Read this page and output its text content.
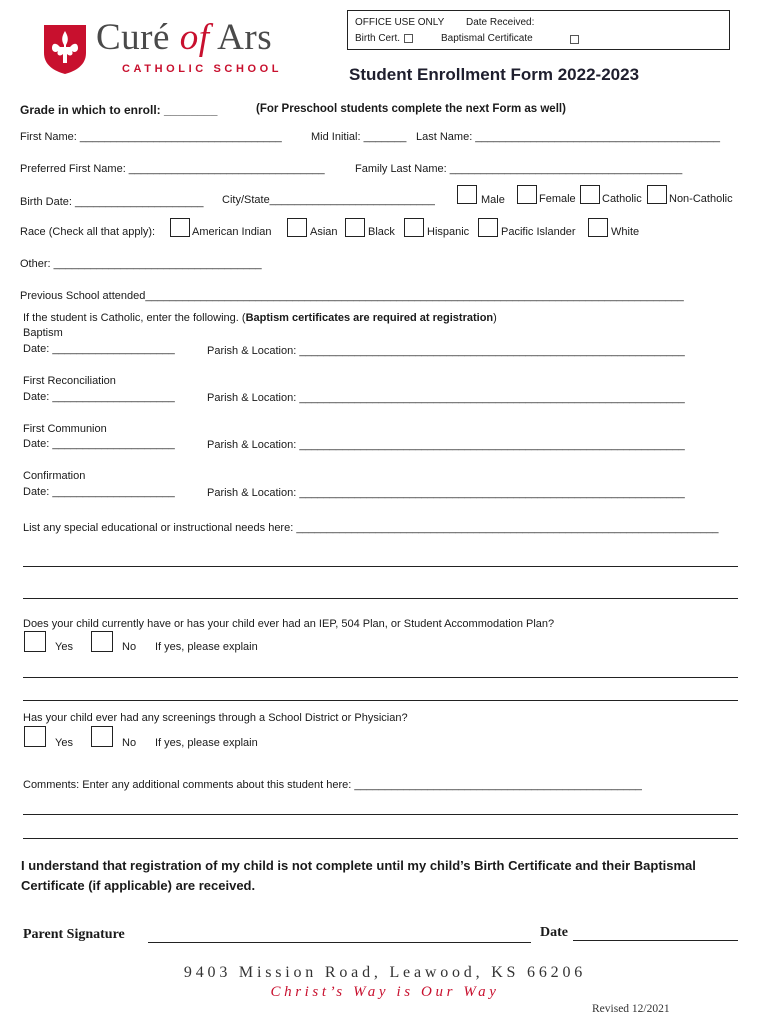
Curé of Ars
CATHOLIC SCHOOL
OFFICE USE ONLY Date Received:
Birth Cert.	Baptismal Certificate
Student Enrollment Form 2022-2023
Grade in which to enroll: ________	(For Preschool students complete the next Form as well)
First Name: _________________________________	Mid Initial: _______ Last Name: ________________________________________
Preferred First Name: ________________________________	Family Last Name: ______________________________________
Birth Date: _____________________ City/State___________________________	Male	Female Catholic Non-Catholic
Race (Check all that apply):	American Indian	Asian	Black	Hispanic	Pacific Islander	White
Other: __________________________________
Previous School attended________________________________________________________________________________________
If the student is Catholic, enter the following. (Baptism certificates are required at registration)
Baptism
Date: ____________________	Parish & Location: _______________________________________________________________
First Reconciliation
Date: ____________________	Parish & Location: _______________________________________________________________
First Communion
Date: ____________________	Parish & Location: _______________________________________________________________
Confirmation
Date: ____________________	Parish & Location: _______________________________________________________________
List any special educational or instructional needs here: _____________________________________________________________________
Does your child currently have or has your child ever had an IEP, 504 Plan, or Student Accommodation Plan?
Yes	No If yes, please explain
Has your child ever had any screenings through a School District or Physician?
Yes	No If yes, please explain
Comments: Enter any additional comments about this student here: _______________________________________________
I understand that registration of my child is not complete until my child’s Birth Certificate and their Baptismal
Certificate (if applicable) are received.
Parent Signature	Date
9403 Mission Road, Leawood, KS 66206
Christ’s Way is Our Way
Revised 12/2021
